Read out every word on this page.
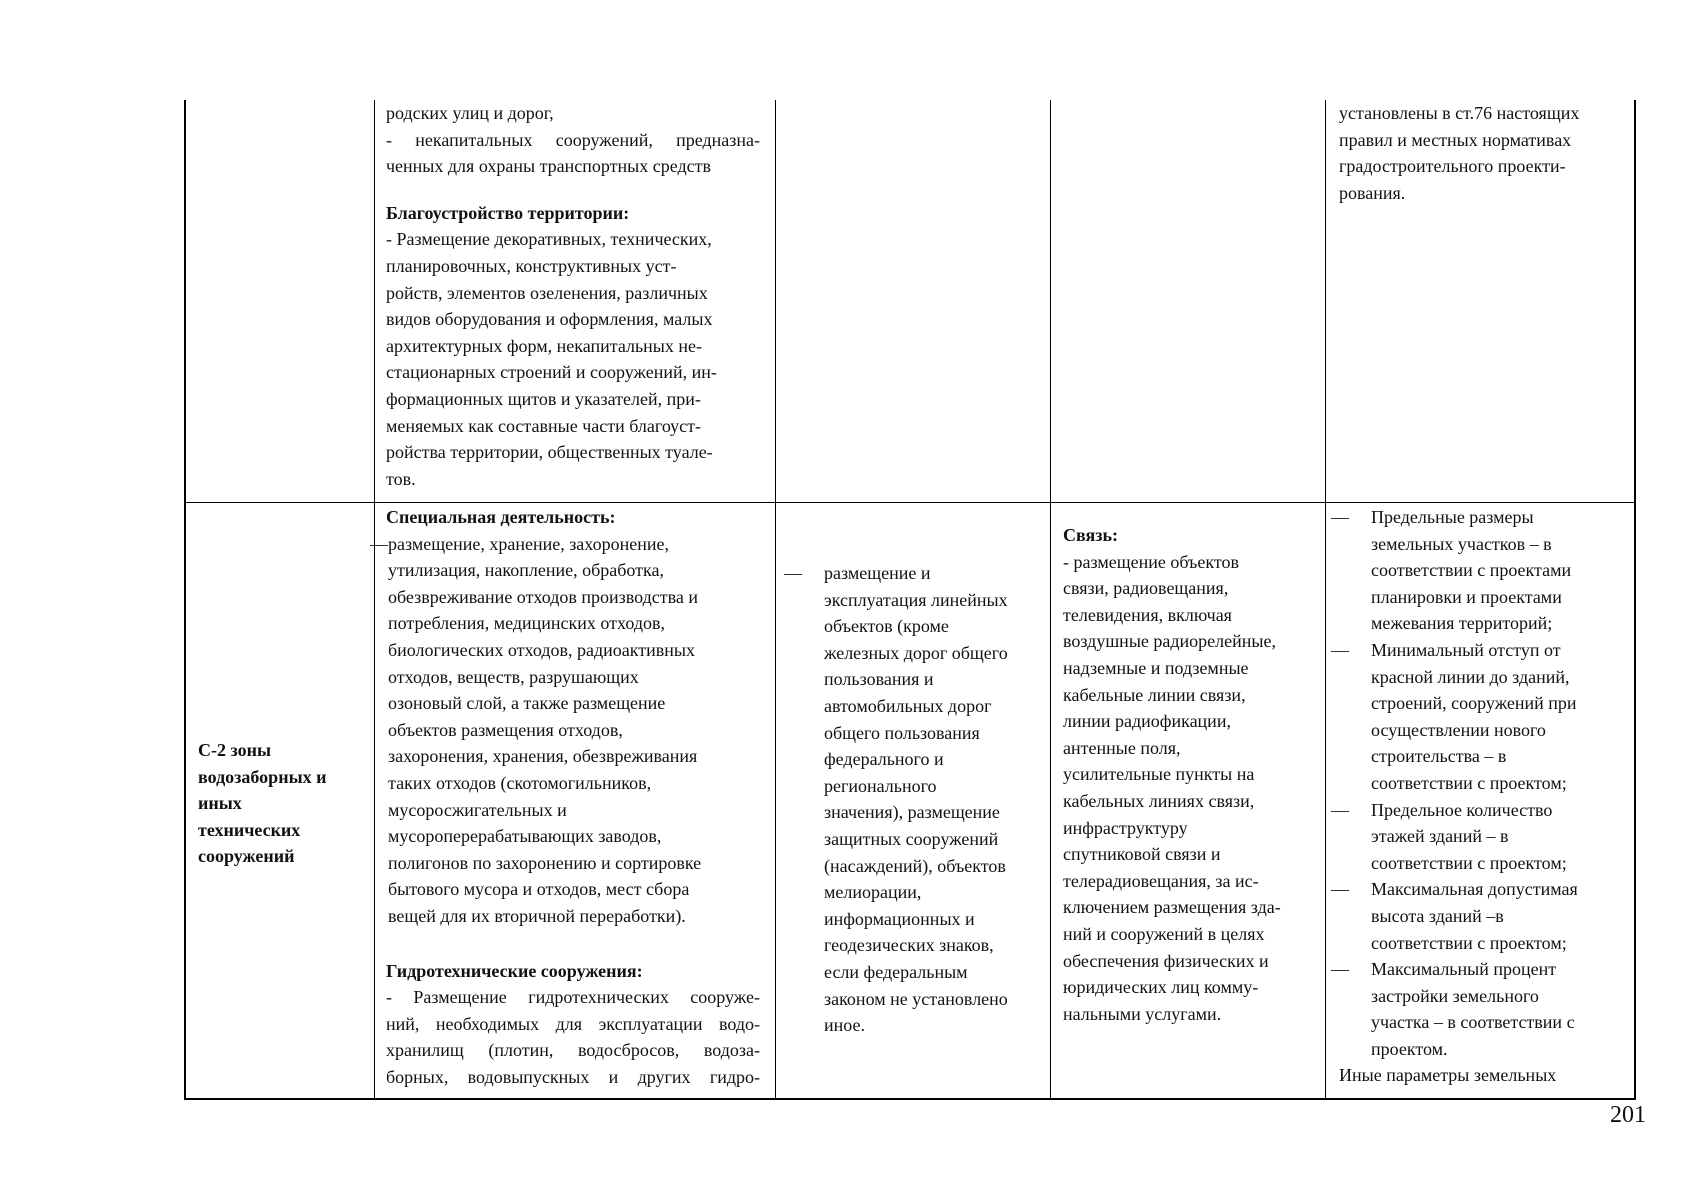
родских улиц и дорог,
- некапитальных сооружений, предназна-
ченных для охраны транспортных средств
Благоустройство территории:
- Размещение декоративных, технических,
планировочных, конструктивных уст-
ройств, элементов озеленения, различных
видов оборудования и оформления, малых
архитектурных форм, некапитальных не-
стационарных строений и сооружений, ин-
формационных щитов и указателей, при-
меняемых как составные части благоуст-
ройства территории, общественных туале-
тов.
установлены в ст.76 настоящих
правил и местных нормативах
градостроительного проекти-
рования.
С-2 зоны
водозаборных и
иных
технических
сооружений
Специальная деятельность:
— размещение, хранение, захоронение,
утилизация, накопление, обработка,
обезвреживание отходов производства и
потребления, медицинских отходов,
биологических отходов, радиоактивных
отходов, веществ, разрушающих
озоновый слой, а также размещение
объектов размещения отходов,
захоронения, хранения, обезвреживания
таких отходов (скотомогильников,
мусоросжигательных и
мусороперерабатывающих заводов,
полигонов по захоронению и сортировке
бытового мусора и отходов, мест сбора
вещей для их вторичной переработки).
Гидротехнические сооружения:
- Размещение гидротехнических сооруже-
ний, необходимых для эксплуатации водо-
хранилищ (плотин, водосбросов, водоза-
борных, водовыпускных и других гидро-
— размещение и
эксплуатация линейных
объектов (кроме
железных дорог общего
пользования и
автомобильных дорог
общего пользования
федерального и
регионального
значения), размещение
защитных сооружений
(насаждений), объектов
мелиорации,
информационных и
геодезических знаков,
если федеральным
законом не установлено
иное.
Связь:
- размещение объектов
связи, радиовещания,
телевидения, включая
воздушные радиорелейные,
надземные и подземные
кабельные линии связи,
линии радиофикации,
антенные поля,
усилительные пункты на
кабельных линиях связи,
инфраструктуру
спутниковой связи и
телерадиовещания, за ис-
ключением размещения зда-
ний и сооружений в целях
обеспечения физических и
юридических лиц комму-
нальными услугами.
— Предельные размеры
земельных участков – в
соответствии с проектами
планировки и проектами
межевания территорий;
— Минимальный отступ от
красной линии до зданий,
строений, сооружений при
осуществлении нового
строительства – в
соответствии с проектом;
— Предельное количество
этажей зданий – в
соответствии с проектом;
— Максимальная допустимая
высота зданий –в
соответствии с проектом;
— Максимальный процент
застройки земельного
участка – в соответствии с
проектом.
Иные параметры земельных
201
